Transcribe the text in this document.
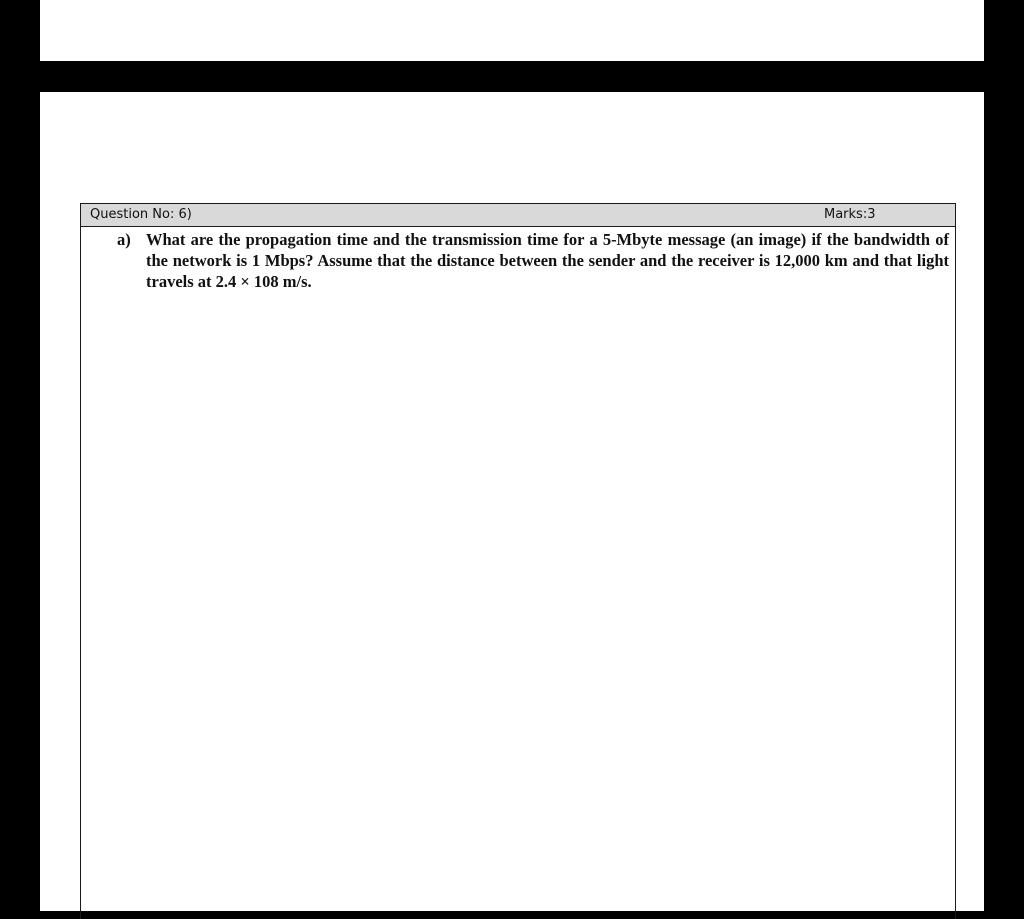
Question No: 6)	Marks:3
a) What are the propagation time and the transmission time for a 5-Mbyte message (an image) if the bandwidth of the network is 1 Mbps? Assume that the distance between the sender and the receiver is 12,000 km and that light travels at 2.4 × 108 m/s.
